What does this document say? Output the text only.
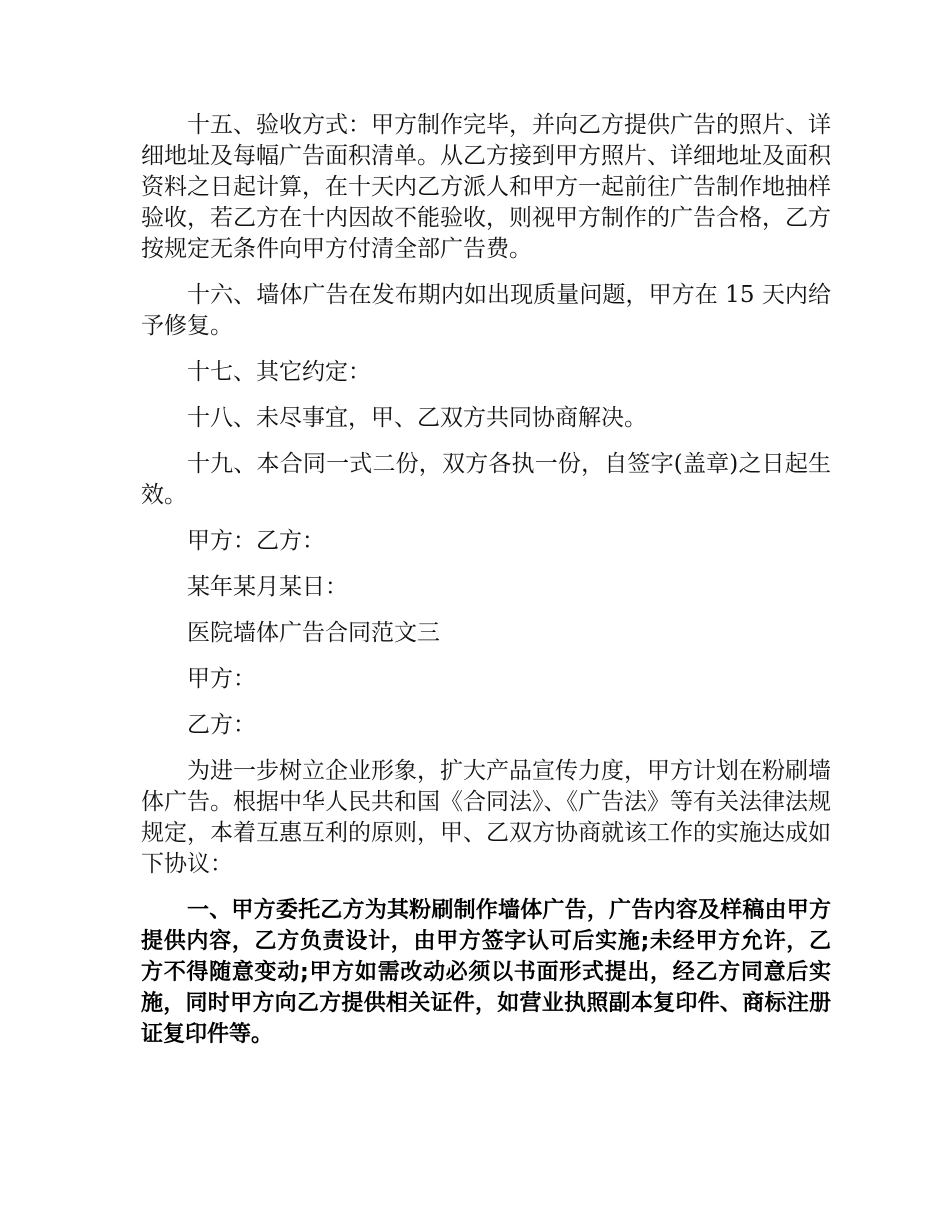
十五、验收方式：甲方制作完毕，并向乙方提供广告的照片、详细地址及每幅广告面积清单。从乙方接到甲方照片、详细地址及面积资料之日起计算，在十天内乙方派人和甲方一起前往广告制作地抽样验收，若乙方在十内因故不能验收，则视甲方制作的广告合格，乙方按规定无条件向甲方付清全部广告费。

十六、墙体广告在发布期内如出现质量问题，甲方在 15 天内给予修复。

十七、其它约定：

十八、未尽事宜，甲、乙双方共同协商解决。

十九、本合同一式二份，双方各执一份，自签字(盖章)之日起生效。

甲方：乙方：

某年某月某日：

医院墙体广告合同范文三

甲方：

乙方：

为进一步树立企业形象，扩大产品宣传力度，甲方计划在粉刷墙体广告。根据中华人民共和国《合同法》、《广告法》等有关法律法规规定，本着互惠互利的原则，甲、乙双方协商就该工作的实施达成如下协议：

一、甲方委托乙方为其粉刷制作墙体广告，广告内容及样稿由甲方提供内容，乙方负责设计，由甲方签字认可后实施;未经甲方允许，乙方不得随意变动;甲方如需改动必须以书面形式提出，经乙方同意后实施，同时甲方向乙方提供相关证件，如营业执照副本复印件、商标注册证复印件等。
